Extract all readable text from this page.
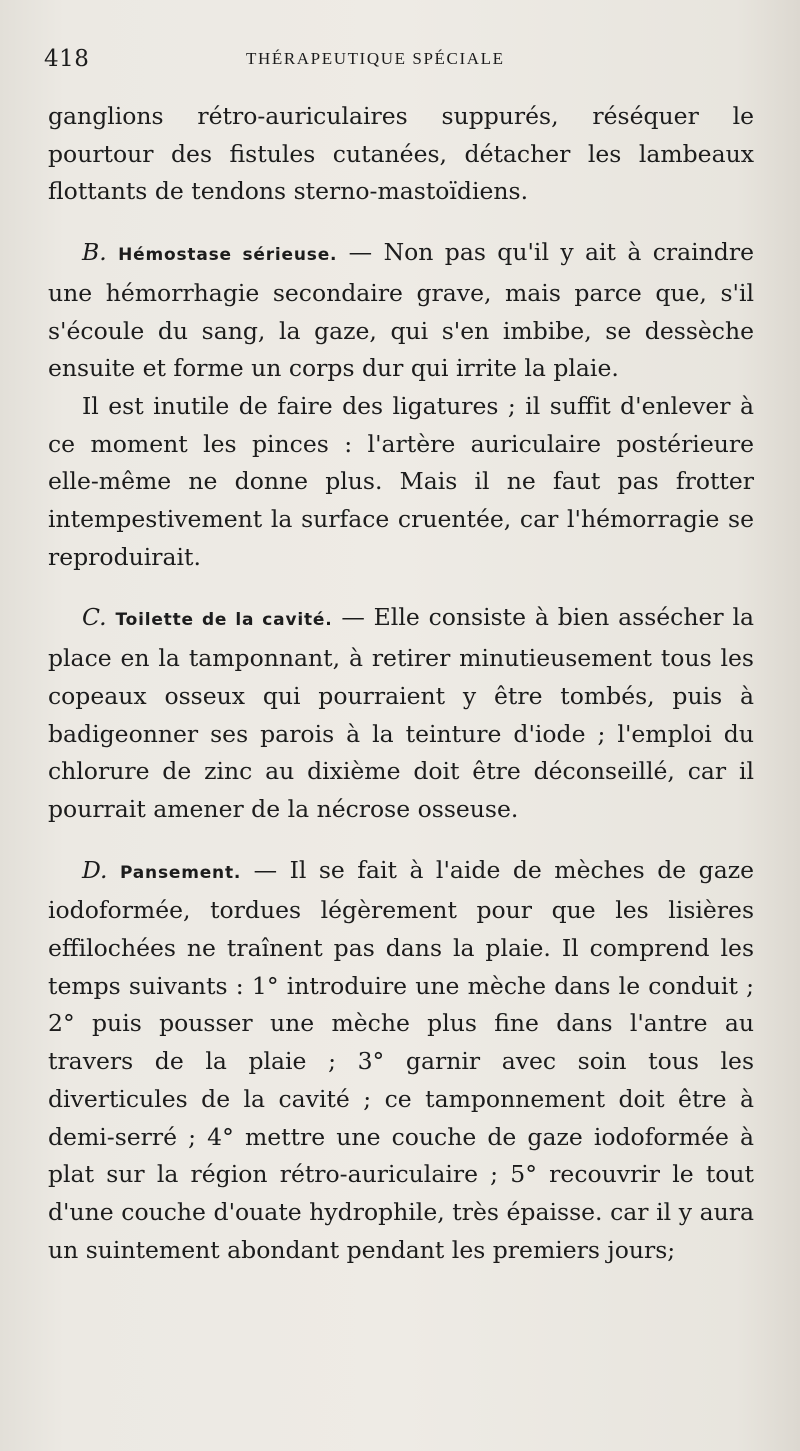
418	THÉRAPEUTIQUE SPÉCIALE

ganglions rétro-auriculaires suppurés, réséquer le pourtour des fistules cutanées, détacher les lambeaux flottants de tendons sterno-mastoïdiens.

B. Hémostase sérieuse. — Non pas qu'il y ait à craindre une hémorrhagie secondaire grave, mais parce que, s'il s'écoule du sang, la gaze, qui s'en imbibe, se dessèche ensuite et forme un corps dur qui irrite la plaie.

Il est inutile de faire des ligatures ; il suffit d'enlever à ce moment les pinces : l'artère auriculaire postérieure elle-même ne donne plus. Mais il ne faut pas frotter intempestivement la surface cruentée, car l'hémorragie se reproduirait.

C. Toilette de la cavité. — Elle consiste à bien assécher la place en la tamponnant, à retirer minutieusement tous les copeaux osseux qui pourraient y être tombés, puis à badigeonner ses parois à la teinture d'iode ; l'emploi du chlorure de zinc au dixième doit être déconseillé, car il pourrait amener de la nécrose osseuse.

D. Pansement. — Il se fait à l'aide de mèches de gaze iodoformée, tordues légèrement pour que les lisières effilochées ne traînent pas dans la plaie. Il comprend les temps suivants : 1° introduire une mèche dans le conduit ; 2° puis pousser une mèche plus fine dans l'antre au travers de la plaie ; 3° garnir avec soin tous les diverticules de la cavité ; ce tamponnement doit être à demi-serré ; 4° mettre une couche de gaze iodoformée à plat sur la région rétro-auriculaire ; 5° recouvrir le tout d'une couche d'ouate hydrophile, très épaisse. car il y aura un suintement abondant pendant les premiers jours;
